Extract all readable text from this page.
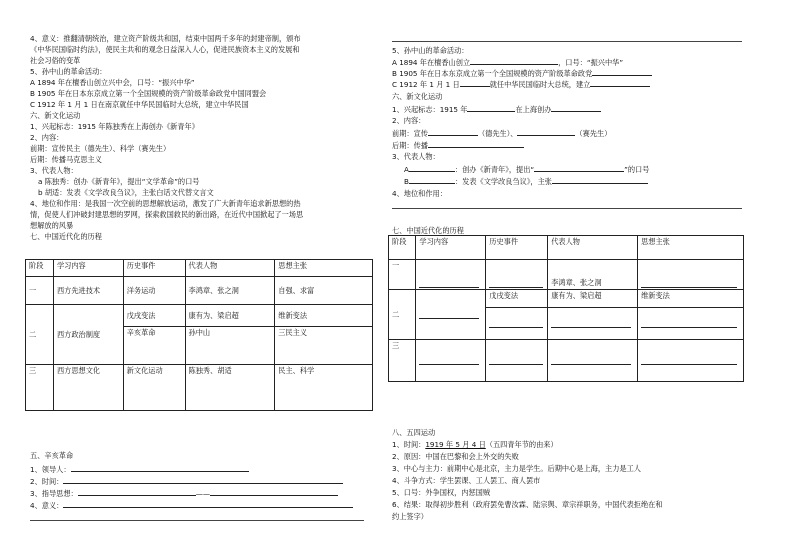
4、意义：推翻清朝统治，建立资产阶级共和国，结束中国两千多年的封建帝制，颁布
《中华民国临时约法》，使民主共和的观念日益深入人心，促进民族资本主义的发展和
社会习俗的变革
5、孙中山的革命活动：
A 1894 年在檀香山创立兴中会，口号：“振兴中华”
B 1905 年在日本东京成立第一个全国规模的资产阶级革命政党中国同盟会
C 1912 年 1 月 1 日在南京就任中华民国临时大总统，建立中华民国
六、新文化运动
1、兴起标志：1915 年陈独秀在上海创办《新青年》
2、内容：
前期：宣传民主（德先生）、科学（赛先生）
后期：传播马克思主义
3、代表人物：
a 陈独秀：创办《新青年》，提出“文学革命”的口号
b 胡适：发表《文学改良刍议》，主张白话文代替文言文
4、地位和作用：是我国一次空前的思想解放运动，激发了广大新青年追求新思想的热
情，促使人们冲破封建思想的罗网，探索救国救民的新出路，在近代中国掀起了一场思
想解放的风暴
七、中国近代化的历程
阶段	学习内容	历史事件	代表人物	思想主张
一	西方先进技术	洋务运动	李鸿章、张之洞	自强、求富
二	西方政治制度	戊戌变法	康有为、梁启超	维新变法
		辛亥革命	孙中山	三民主义
三	西方思想文化	新文化运动	陈独秀、胡适	民主、科学
五、辛亥革命
1、领导人：
2、时间：
3、指导思想：	——
4、意义：
5、孙中山的革命活动：
A 1894 年在檀香山创立	，口号：“振兴中华”
B 1905 年在日本东京成立第一个全国规模的资产阶级革命政党
C 1912 年 1 月 1 日	就任中华民国临时大总统，建立
六、新文化运动
1、兴起标志：1915 年	在上海创办
2、内容：
前期：宣传	（德先生）、	（赛先生）
后期：传播
3、代表人物：
A	：创办《新青年》，提出“	”的口号
B	：发表《文学改良刍议》，主张
4、地位和作用：
七、中国近代化的历程
阶段	学习内容	历史事件	代表人物	思想主张
一			李鸿章、张之洞	

二		戊戌变法	康有为、梁启超	维新变法

三	

八、五四运动
1、时间：1919 年 5 月 4 日（五四青年节的由来）
2、原因：中国在巴黎和会上外交的失败
3、中心与主力：前期中心是北京，主力是学生。后期中心是上海，主力是工人
4、斗争方式：学生罢课、工人罢工、商人罢市
5、口号：外争国权，内惩国贼
6、结果：取得初步胜利（政府罢免曹汝霖、陆宗舆、章宗祥职务，中国代表拒绝在和
约上签字）
